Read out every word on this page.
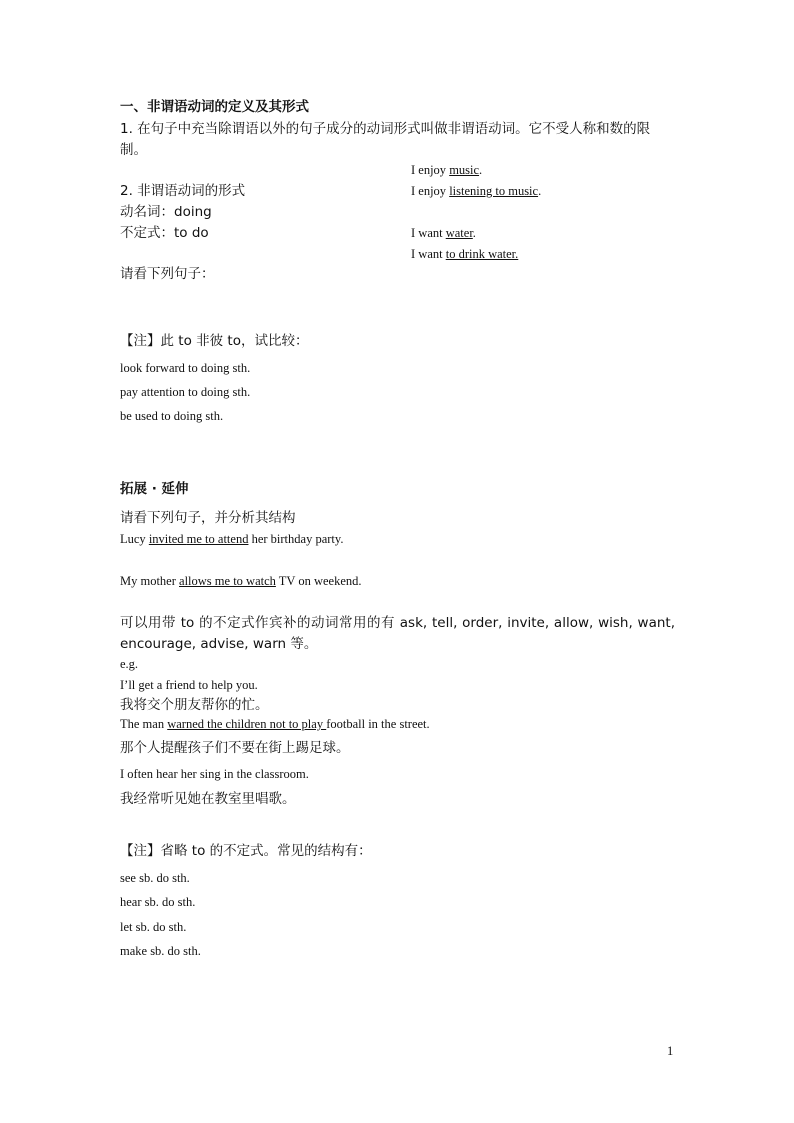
一、非谓语动词的定义及其形式
1. 在句子中充当除谓语以外的句子成分的动词形式叫做非谓语动词。它不受人称和数的限
制。
I enjoy music.
2. 非谓语动词的形式	I enjoy listening to music.
动名词：doing
不定式：to do	I want water.
I want to drink water.
请看下列句子：
【注】此 to 非彼 to，试比较：
look forward to doing sth.
pay attention to doing sth.
be used to doing sth.
拓展 · 延伸
请看下列句子，并分析其结构
Lucy invited me to attend her birthday party.
My mother allows me to watch TV on weekend.
可以用带 to 的不定式作宾补的动词常用的有 ask, tell, order, invite, allow, wish, want, encourage, advise, warn 等。
e.g.
I’ll get a friend to help you.
我将交个朋友帮你的忙。
The man warned the children not to play football in the street.
那个人提醒孩子们不要在街上踢足球。
I often hear her sing in the classroom.
我经常听见她在教室里唱歌。
【注】省略 to 的不定式。常见的结构有：
see sb. do sth.
hear sb. do sth.
let sb. do sth.
make sb. do sth.
1
